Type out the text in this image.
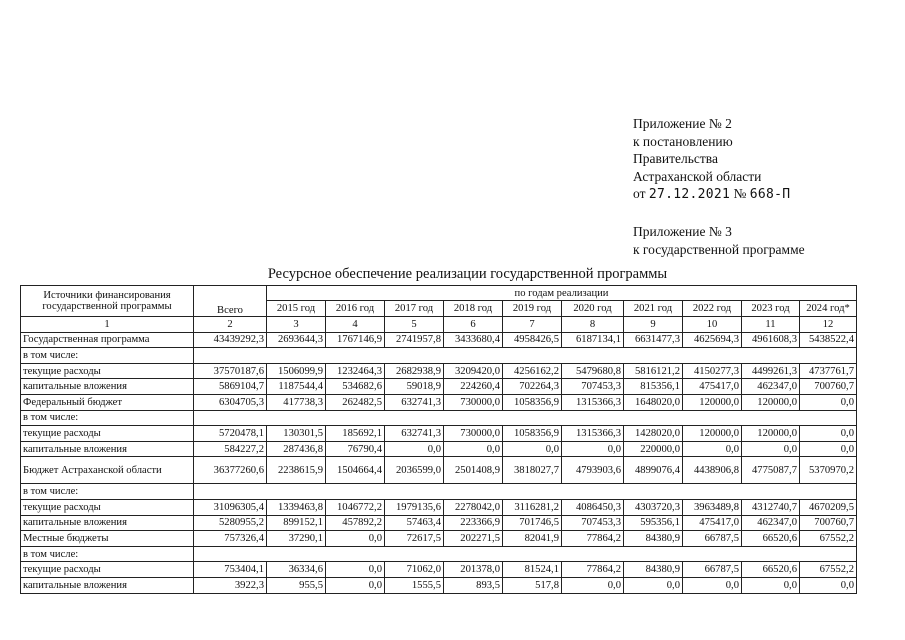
Приложение № 2
к постановлению
Правительства
Астраханской области
от 27.12.2021 № 668-П
Приложение № 3
к государственной программе
Ресурсное обеспечение реализации государственной программы
Источники финансирования государственной программы	Всего	по годам реализации									
		2015 год	2016 год	2017 год	2018 год	2019 год	2020 год	2021 год	2022 год	2023 год	2024 год*
1	2	3	4	5	6	7	8	9	10	11	12
Государственная программа	43439292,3	2693644,3	1767146,9	2741957,8	3433680,4	4958426,5	6187134,1	6631477,3	4625694,3	4961608,3	5438522,4
в том числе:											
текущие расходы	37570187,6	1506099,9	1232464,3	2682938,9	3209420,0	4256162,2	5479680,8	5816121,2	4150277,3	4499261,3	4737761,7
капитальные вложения	5869104,7	1187544,4	534682,6	59018,9	224260,4	702264,3	707453,3	815356,1	475417,0	462347,0	700760,7
Федеральный бюджет	6304705,3	417738,3	262482,5	632741,3	730000,0	1058356,9	1315366,3	1648020,0	120000,0	120000,0	0,0
в том числе:											
текущие расходы	5720478,1	130301,5	185692,1	632741,3	730000,0	1058356,9	1315366,3	1428020,0	120000,0	120000,0	0,0
капитальные вложения	584227,2	287436,8	76790,4	0,0	0,0	0,0	0,0	220000,0	0,0	0,0	0,0
Бюджет Астраханской области	36377260,6	2238615,9	1504664,4	2036599,0	2501408,9	3818027,7	4793903,6	4899076,4	4438906,8	4775087,7	5370970,2
в том числе:											
текущие расходы	31096305,4	1339463,8	1046772,2	1979135,6	2278042,0	3116281,2	4086450,3	4303720,3	3963489,8	4312740,7	4670209,5
капитальные вложения	5280955,2	899152,1	457892,2	57463,4	223366,9	701746,5	707453,3	595356,1	475417,0	462347,0	700760,7
Местные бюджеты	757326,4	37290,1	0,0	72617,5	202271,5	82041,9	77864,2	84380,9	66787,5	66520,6	67552,2
в том числе:											
текущие расходы	753404,1	36334,6	0,0	71062,0	201378,0	81524,1	77864,2	84380,9	66787,5	66520,6	67552,2
капитальные вложения	3922,3	955,5	0,0	1555,5	893,5	517,8	0,0	0,0	0,0	0,0	0,0
